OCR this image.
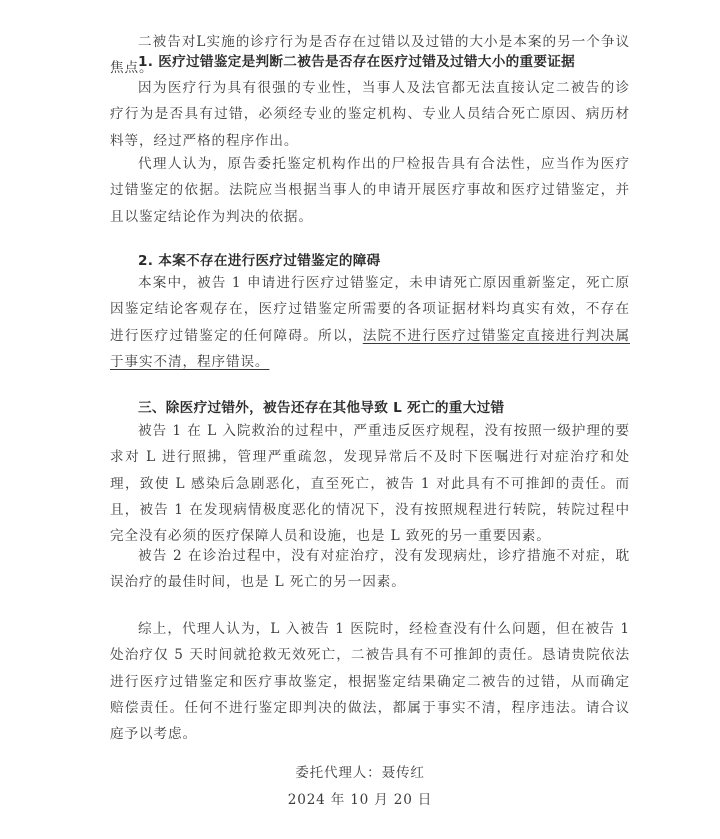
二被告对L实施的诊疗行为是否存在过错以及过错的大小是本案的另一个争议焦点。

1. 医疗过错鉴定是判断二被告是否存在医疗过错及过错大小的重要证据

因为医疗行为具有很强的专业性，当事人及法官都无法直接认定二被告的诊疗行为是否具有过错，必须经专业的鉴定机构、专业人员结合死亡原因、病历材料等，经过严格的程序作出。

代理人认为，原告委托鉴定机构作出的尸检报告具有合法性，应当作为医疗过错鉴定的依据。法院应当根据当事人的申请开展医疗事故和医疗过错鉴定，并且以鉴定结论作为判决的依据。

2. 本案不存在进行医疗过错鉴定的障碍

本案中，被告 1 申请进行医疗过错鉴定，未申请死亡原因重新鉴定，死亡原因鉴定结论客观存在，医疗过错鉴定所需要的各项证据材料均真实有效，不存在进行医疗过错鉴定的任何障碍。所以，法院不进行医疗过错鉴定直接进行判决属于事实不清，程序错误。

三、除医疗过错外，被告还存在其他导致 L 死亡的重大过错

被告 1 在 L 入院救治的过程中，严重违反医疗规程，没有按照一级护理的要求对 L 进行照拂，管理严重疏忽，发现异常后不及时下医嘱进行对症治疗和处理，致使 L 感染后急剧恶化，直至死亡，被告 1 对此具有不可推卸的责任。而且，被告 1 在发现病情极度恶化的情况下，没有按照规程进行转院，转院过程中完全没有必须的医疗保障人员和设施，也是 L 致死的另一重要因素。

被告 2 在诊治过程中，没有对症治疗，没有发现病灶，诊疗措施不对症，耽误治疗的最佳时间，也是 L 死亡的另一因素。

综上，代理人认为，L 入被告 1 医院时，经检查没有什么问题，但在被告 1 处治疗仅 5 天时间就抢救无效死亡，二被告具有不可推卸的责任。恳请贵院依法进行医疗过错鉴定和医疗事故鉴定，根据鉴定结果确定二被告的过错，从而确定赔偿责任。任何不进行鉴定即判决的做法，都属于事实不清，程序违法。请合议庭予以考虑。

委托代理人：聂传红

2024 年 10 月 20 日
